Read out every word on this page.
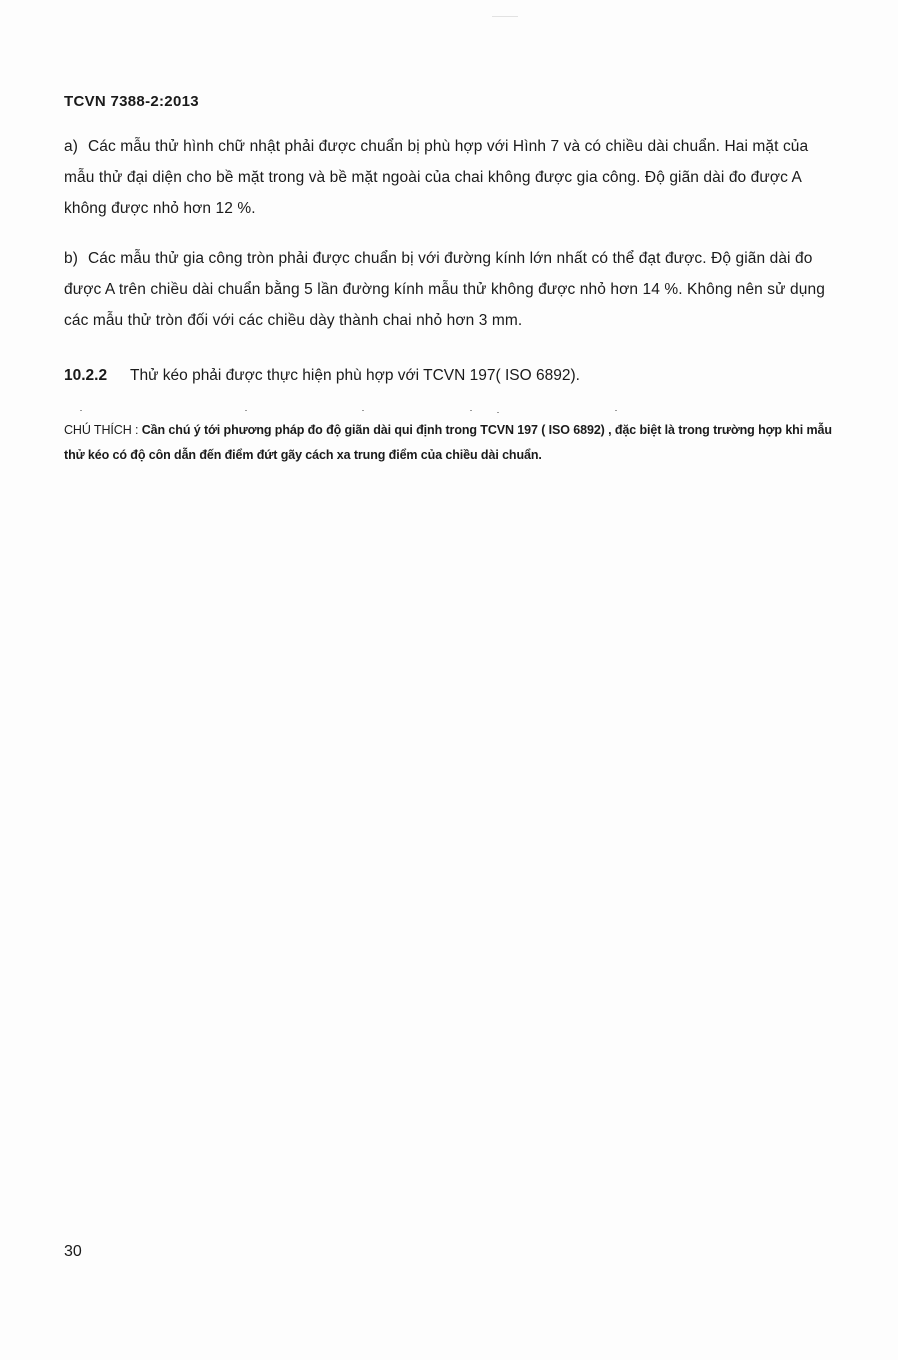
TCVN 7388-2:2013
a) Các mẫu thử hình chữ nhật phải được chuẩn bị phù hợp với Hình 7 và có chiều dài chuẩn. Hai mặt của mẫu thử đại diện cho bề mặt trong và bề mặt ngoài của chai không được gia công. Độ giãn dài đo được A không được nhỏ hơn 12 %.
b) Các mẫu thử gia công tròn phải được chuẩn bị với đường kính lớn nhất có thể đạt được. Độ giãn dài đo được A trên chiều dài chuẩn bằng 5 lần đường kính mẫu thử không được nhỏ hơn 14 %. Không nên sử dụng các mẫu thử tròn đối với các chiều dày thành chai nhỏ hơn 3 mm.
10.2.2 Thử kéo phải được thực hiện phù hợp với TCVN 197( ISO 6892).
CHÚ THÍCH : Cần chú ý tới phương pháp đo độ giãn dài qui định trong TCVN 197 ( ISO 6892) , đặc biệt là trong trường hợp khi mẫu thử kéo có độ côn dẫn đến điểm đứt gãy cách xa trung điểm của chiều dài chuẩn.
30
